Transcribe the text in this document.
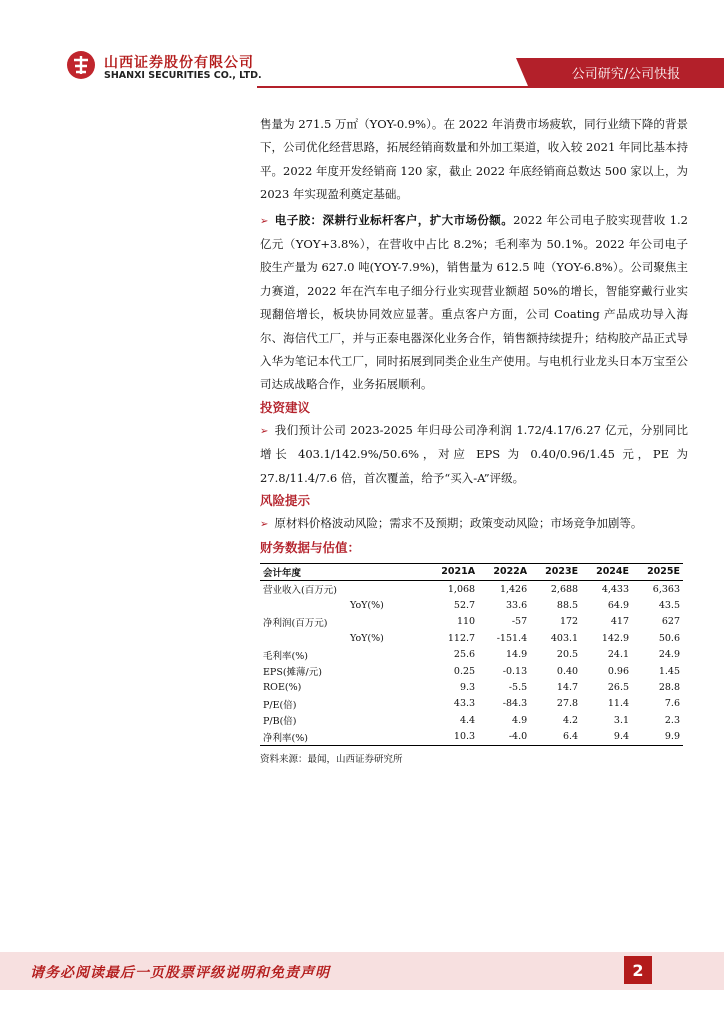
山西证券股份有限公司
SHANXI SECURITIES CO., LTD.	公司研究/公司快报

售量为 271.5 万㎡（YOY-0.9%）。在 2022 年消费市场疲软，同行业绩下降的背景下，公司优化经营思路，拓展经销商数量和外加工渠道，收入较 2021 年同比基本持平。2022 年度开发经销商 120 家，截止 2022 年底经销商总数达 500 家以上，为 2023 年实现盈利奠定基础。

➢ 电子胶：深耕行业标杆客户，扩大市场份额。2022 年公司电子胶实现营收 1.2 亿元（YOY+3.8%），在营收中占比 8.2%；毛利率为 50.1%。2022 年公司电子胶生产量为 627.0 吨(YOY-7.9%)，销售量为 612.5 吨（YOY-6.8%）。公司聚焦主力赛道，2022 年在汽车电子细分行业实现营业额超 50%的增长，智能穿戴行业实现翻倍增长，板块协同效应显著。重点客户方面，公司 Coating 产品成功导入海尔、海信代工厂，并与正泰电器深化业务合作，销售额持续提升；结构胶产品正式导入华为笔记本代工厂，同时拓展到同类企业生产使用。与电机行业龙头日本万宝至公司达成战略合作，业务拓展顺利。

投资建议

➢ 我们预计公司 2023-2025 年归母公司净利润 1.72/4.17/6.27 亿元，分别同比增长 403.1/142.9%/50.6%，对应 EPS 为 0.40/0.96/1.45 元，PE 为 27.8/11.4/7.6 倍，首次覆盖，给予“买入-A”评级。

风险提示

➢ 原材料价格波动风险；需求不及预期；政策变动风险；市场竞争加剧等。

财务数据与估值：
会计年度	2021A	2022A	2023E	2024E	2025E
营业收入(百万元)	1,068	1,426	2,688	4,433	6,363
YoY(%)	52.7	33.6	88.5	64.9	43.5
净利润(百万元)	110	-57	172	417	627
YoY(%)	112.7	-151.4	403.1	142.9	50.6
毛利率(%)	25.6	14.9	20.5	24.1	24.9
EPS(摊薄/元)	0.25	-0.13	0.40	0.96	1.45
ROE(%)	9.3	-5.5	14.7	26.5	28.8
P/E(倍)	43.3	-84.3	27.8	11.4	7.6
P/B(倍)	4.4	4.9	4.2	3.1	2.3
净利率(%)	10.3	-4.0	6.4	9.4	9.9
资料来源：最闻，山西证券研究所
请务必阅读最后一页股票评级说明和免责声明	2
